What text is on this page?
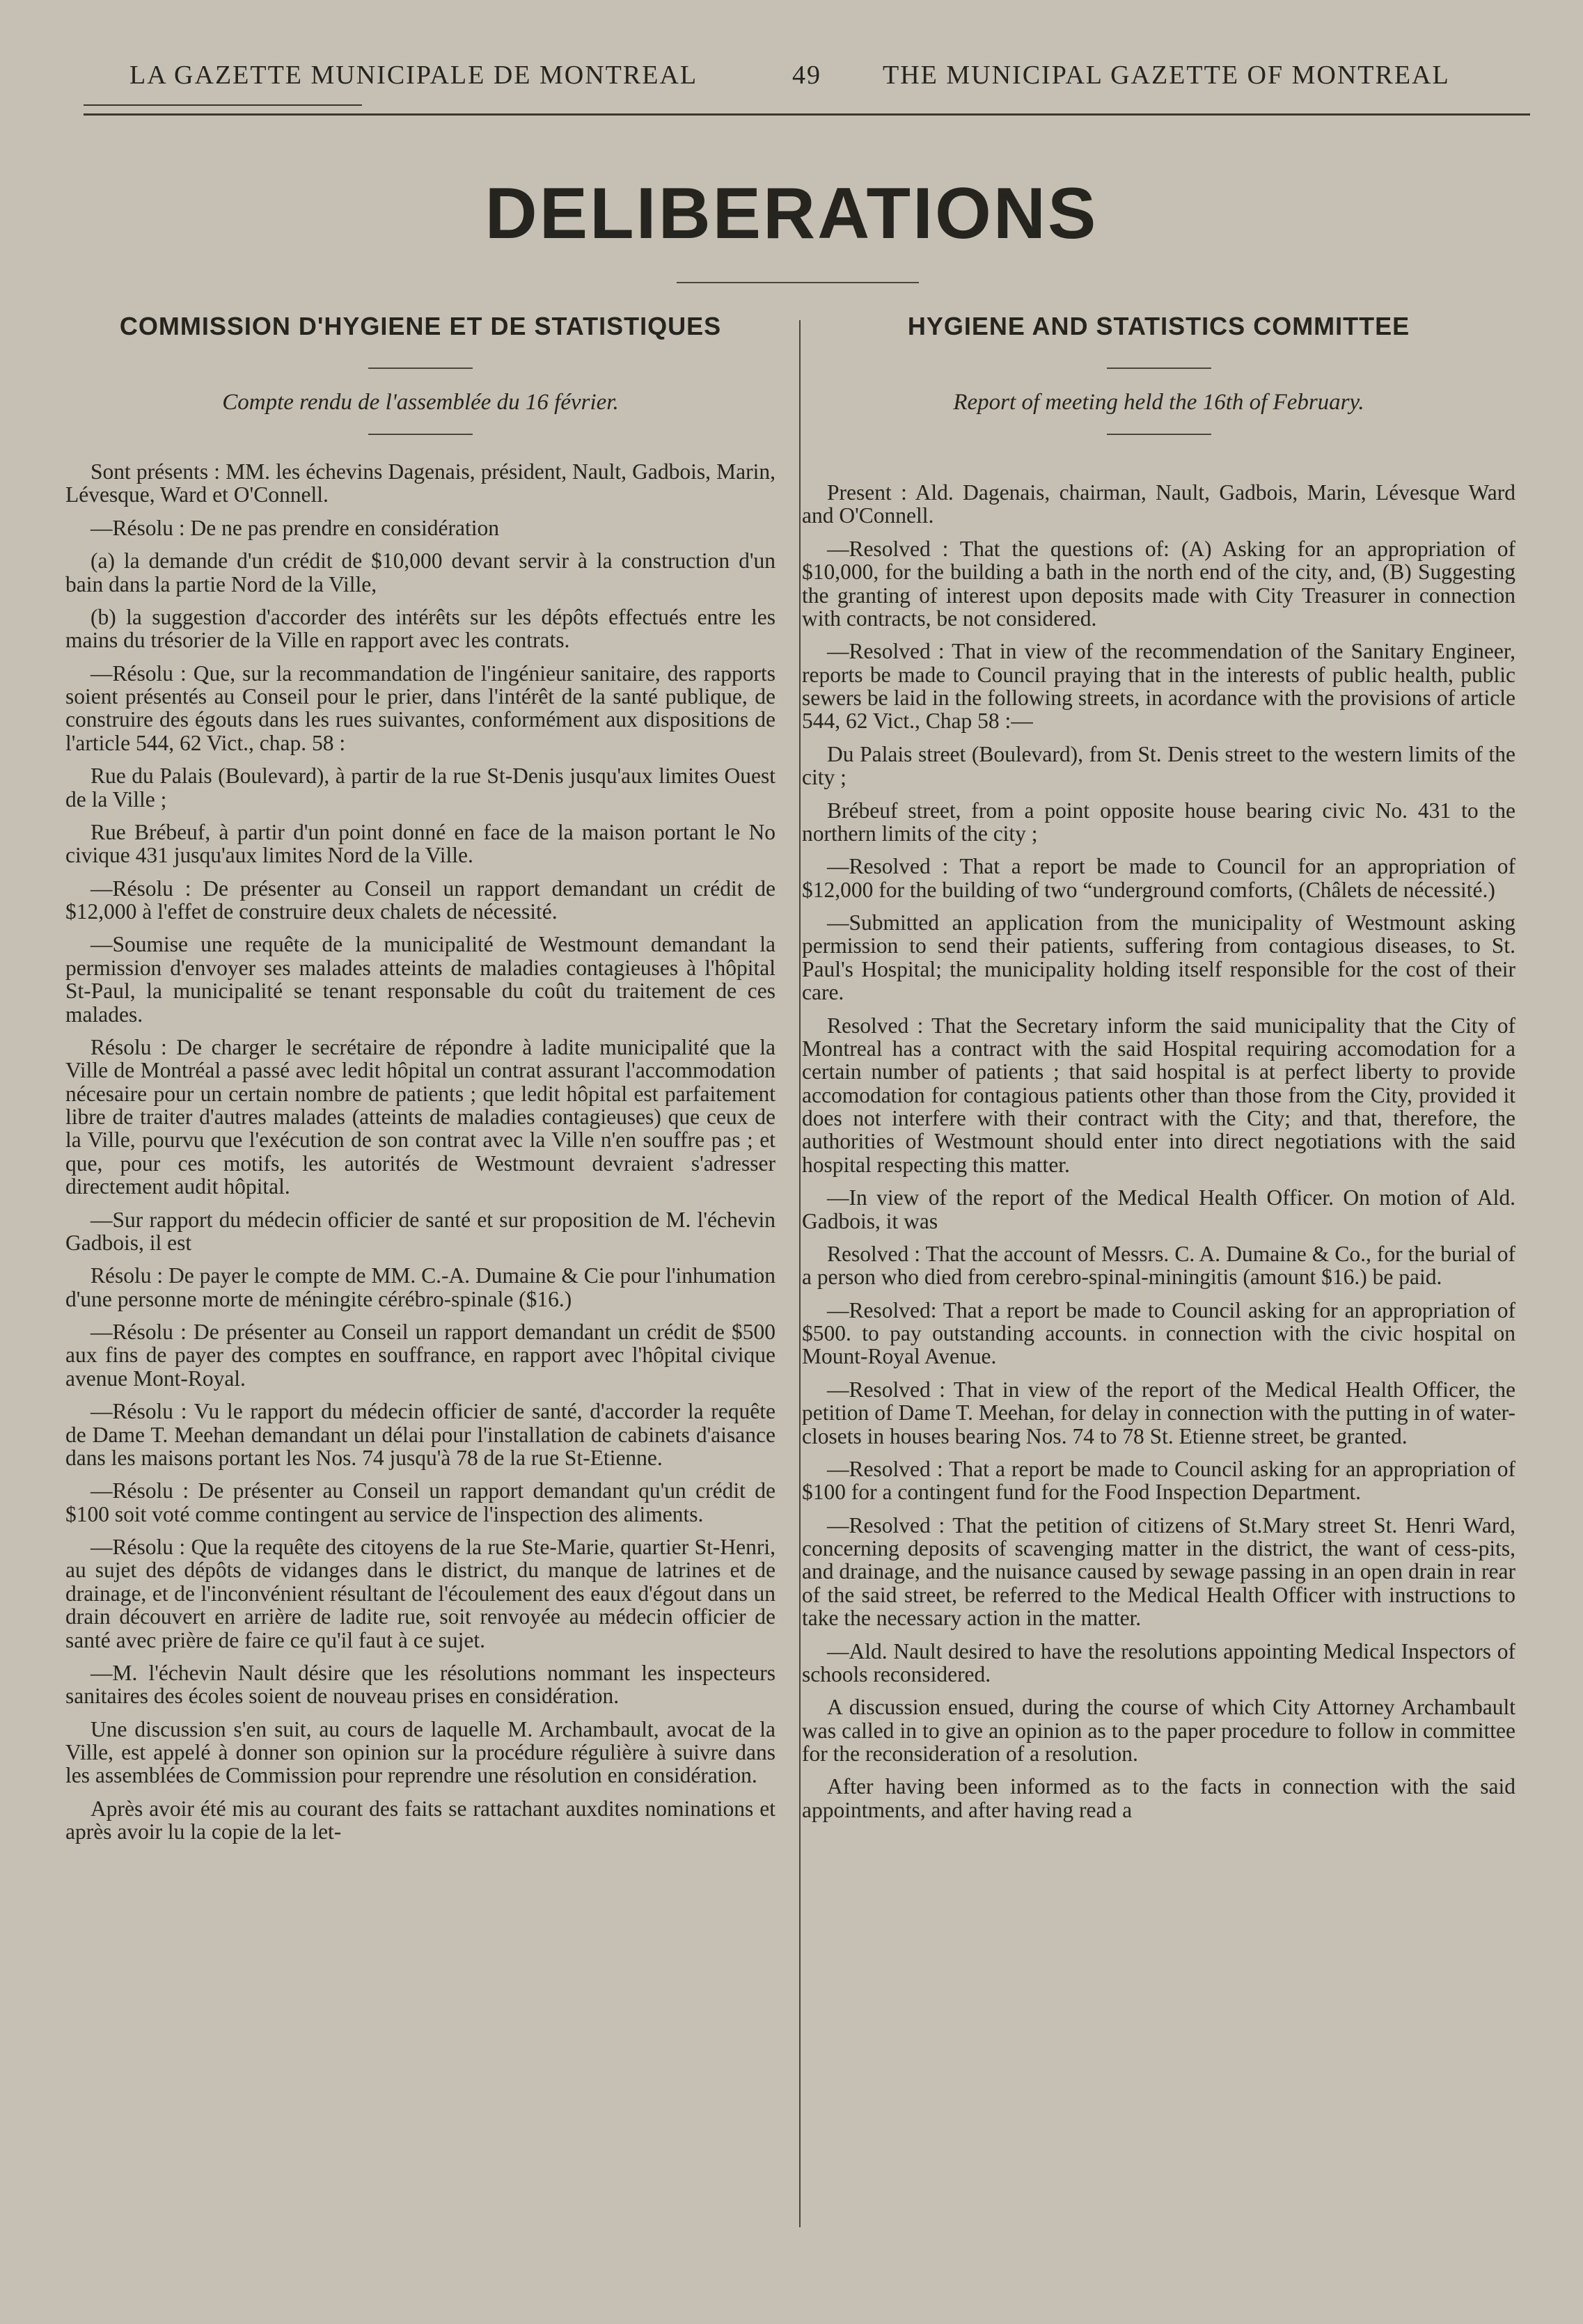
LA GAZETTE MUNICIPALE DE MONTREAL	49 THE MUNICIPAL GAZETTE OF MONTREAL
DELIBERATIONS
COMMISSION D'HYGIENE ET DE STATISTIQUES
Compte rendu de l'assemblée du 16 février.

Sont présents : MM. les échevins Dagenais, président, Nault, Gadbois, Marin, Lévesque, Ward et O'Connell.

—Résolu : De ne pas prendre en considération

(a) la demande d'un crédit de $10,000 devant servir à la construction d'un bain dans la partie Nord de la Ville,

(b) la suggestion d'accorder des intérêts sur les dépôts effectués entre les mains du trésorier de la Ville en rapport avec les contrats.

—Résolu : Que, sur la recommandation de l'ingénieur sanitaire, des rapports soient présentés au Conseil pour le prier, dans l'intérêt de la santé publique, de construire des égouts dans les rues suivantes, conformément aux dispositions de l'article 544, 62 Vict., chap. 58 :

Rue du Palais (Boulevard), à partir de la rue St-Denis jusqu'aux limites Ouest de la Ville ;

Rue Brébeuf, à partir d'un point donné en face de la maison portant le No civique 431 jusqu'aux limites Nord de la Ville.

—Résolu : De présenter au Conseil un rapport demandant un crédit de $12,000 à l'effet de construire deux chalets de nécessité.

—Soumise une requête de la municipalité de Westmount demandant la permission d'envoyer ses malades atteints de maladies contagieuses à l'hôpital St-Paul, la municipalité se tenant responsable du coût du traitement de ces malades.

Résolu : De charger le secrétaire de répondre à ladite municipalité que la Ville de Montréal a passé avec ledit hôpital un contrat assurant l'accommodation nécesaire pour un certain nombre de patients ; que ledit hôpital est parfaitement libre de traiter d'autres malades (atteints de maladies contagieuses) que ceux de la Ville, pourvu que l'exécution de son contrat avec la Ville n'en souffre pas ; et que, pour ces motifs, les autorités de Westmount devraient s'adresser directement audit hôpital.

—Sur rapport du médecin officier de santé et sur proposition de M. l'échevin Gadbois, il est

Résolu : De payer le compte de MM. C.-A. Dumaine & Cie pour l'inhumation d'une personne morte de méningite cérébro-spinale ($16.)

—Résolu : De présenter au Conseil un rapport demandant un crédit de $500 aux fins de payer des comptes en souffrance, en rapport avec l'hôpital civique avenue Mont-Royal.

—Résolu : Vu le rapport du médecin officier de santé, d'accorder la requête de Dame T. Meehan demandant un délai pour l'installation de cabinets d'aisance dans les maisons portant les Nos. 74 jusqu'à 78 de la rue St-Etienne.

—Résolu : De présenter au Conseil un rapport demandant qu'un crédit de $100 soit voté comme contingent au service de l'inspection des aliments.

—Résolu : Que la requête des citoyens de la rue Ste-Marie, quartier St-Henri, au sujet des dépôts de vidanges dans le district, du manque de latrines et de drainage, et de l'inconvénient résultant de l'écoulement des eaux d'égout dans un drain découvert en arrière de ladite rue, soit renvoyée au médecin officier de santé avec prière de faire ce qu'il faut à ce sujet.

—M. l'échevin Nault désire que les résolutions nommant les inspecteurs sanitaires des écoles soient de nouveau prises en considération.

Une discussion s'en suit, au cours de laquelle M. Archambault, avocat de la Ville, est appelé à donner son opinion sur la procédure régulière à suivre dans les assemblées de Commission pour reprendre une résolution en considération.

Après avoir été mis au courant des faits se rattachant auxdites nominations et après avoir lu la copie de la let-

HYGIENE AND STATISTICS COMMITTEE
Report of meeting held the 16th of February.

Present : Ald. Dagenais, chairman, Nault, Gadbois, Marin, Lévesque Ward and O'Connell.

—Resolved : That the questions of: (A) Asking for an appropriation of $10,000, for the building a bath in the north end of the city, and, (B) Suggesting the granting of interest upon deposits made with City Treasurer in connection with contracts, be not considered.

—Resolved : That in view of the recommendation of the Sanitary Engineer, reports be made to Council praying that in the interests of public health, public sewers be laid in the following streets, in acordance with the provisions of article 544, 62 Vict., Chap 58 :—

Du Palais street (Boulevard), from St. Denis street to the western limits of the city ;

Brébeuf street, from a point opposite house bearing civic No. 431 to the northern limits of the city ;

—Resolved : That a report be made to Council for an appropriation of $12,000 for the building of two “underground comforts, (Châlets de nécessité.)

—Submitted an application from the municipality of Westmount asking permission to send their patients, suffering from contagious diseases, to St. Paul's Hospital; the municipality holding itself responsible for the cost of their care.

Resolved : That the Secretary inform the said municipality that the City of Montreal has a contract with the said Hospital requiring accomodation for a certain number of patients ; that said hospital is at perfect liberty to provide accomodation for contagious patients other than those from the City, provided it does not interfere with their contract with the City; and that, therefore, the authorities of Westmount should enter into direct negotiations with the said hospital respecting this matter.

—In view of the report of the Medical Health Officer. On motion of Ald. Gadbois, it was

Resolved : That the account of Messrs. C. A. Dumaine & Co., for the burial of a person who died from cerebro-spinal-miningitis (amount $16.) be paid.

—Resolved: That a report be made to Council asking for an appropriation of $500. to pay outstanding accounts. in connection with the civic hospital on Mount-Royal Avenue.

—Resolved : That in view of the report of the Medical Health Officer, the petition of Dame T. Meehan, for delay in connection with the putting in of water-closets in houses bearing Nos. 74 to 78 St. Etienne street, be granted.

—Resolved : That a report be made to Council asking for an appropriation of $100 for a contingent fund for the Food Inspection Department.

—Resolved : That the petition of citizens of St.Mary street St. Henri Ward, concerning deposits of scavenging matter in the district, the want of cess-pits, and drainage, and the nuisance caused by sewage passing in an open drain in rear of the said street, be referred to the Medical Health Officer with instructions to take the necessary action in the matter.

—Ald. Nault desired to have the resolutions appointing Medical Inspectors of schools reconsidered.

A discussion ensued, during the course of which City Attorney Archambault was called in to give an opinion as to the paper procedure to follow in committee for the reconsideration of a resolution.

After having been informed as to the facts in connection with the said appointments, and after having read a
